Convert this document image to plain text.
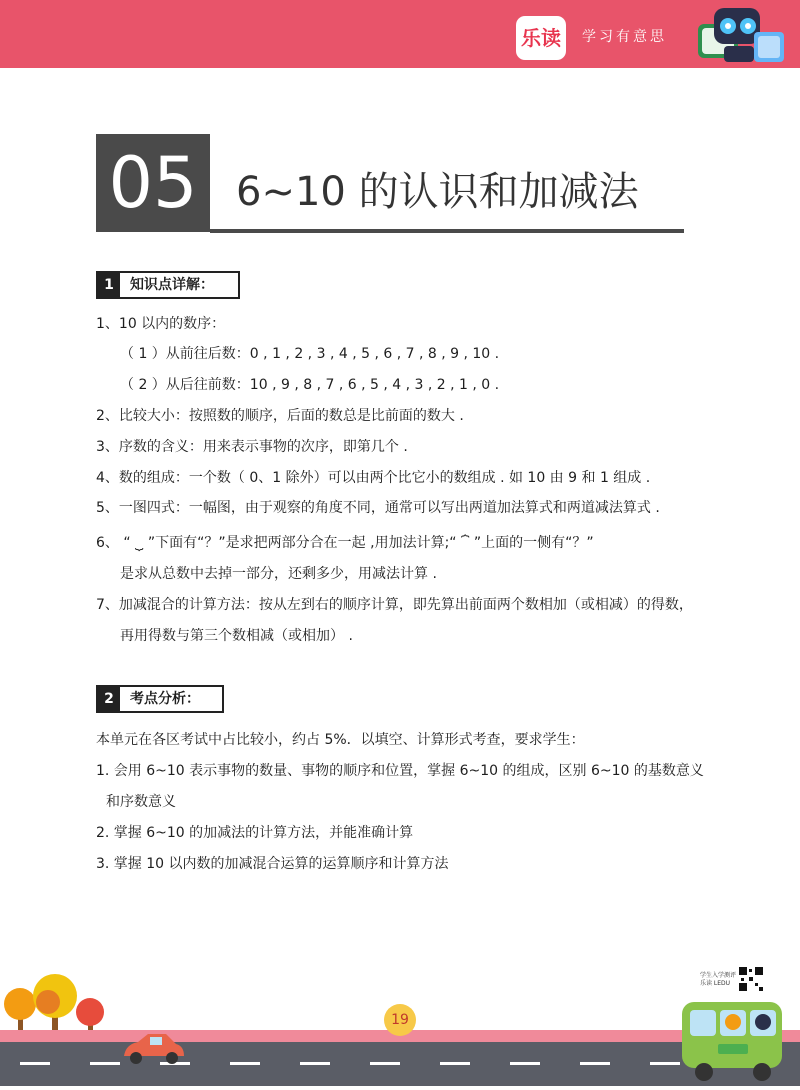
乐读	学习有意思
05 6~10 的认识和加减法
1	知识点详解：
1、10 以内的数序：
（ 1 ）从前往后数：0 , 1 , 2 , 3 , 4 , 5 , 6 , 7 , 8 , 9 , 10 .
（ 2 ）从后往前数：10 , 9 , 8 , 7 , 6 , 5 , 4 , 3 , 2 , 1 , 0 .
2、比较大小：按照数的顺序，后面的数总是比前面的数大 .
3、序数的含义：用来表示事物的次序，即第几个 .
4、数的组成：一个数（ 0、1 除外）可以由两个比它小的数组成 . 如 10 由 9 和 1 组成 .
5、一图四式：一幅图，由于观察的角度不同，通常可以写出两道加法算式和两道减法算式 .
6、 “ ⏟ ”下面有“？”是求把两部分合在一起 ,用加法计算;“ ⏞ ”上面的一侧有“？”
是求从总数中去掉一部分，还剩多少，用减法计算 .
7、加减混合的计算方法：按从左到右的顺序计算，即先算出前面两个数相加（或相减）的得数，
再用得数与第三个数相减（或相加） .
2	考点分析：
本单元在各区考试中占比较小，约占 5%．以填空、计算形式考查，要求学生：
1. 会用 6~10 表示事物的数量、事物的顺序和位置，掌握 6~10 的组成，区别 6~10 的基数意义
和序数意义
2. 掌握 6~10 的加减法的计算方法，并能准确计算
3. 掌握 10 以内数的加减混合运算的运算顺序和计算方法
学生入学测评 乐读 LEDU
19
